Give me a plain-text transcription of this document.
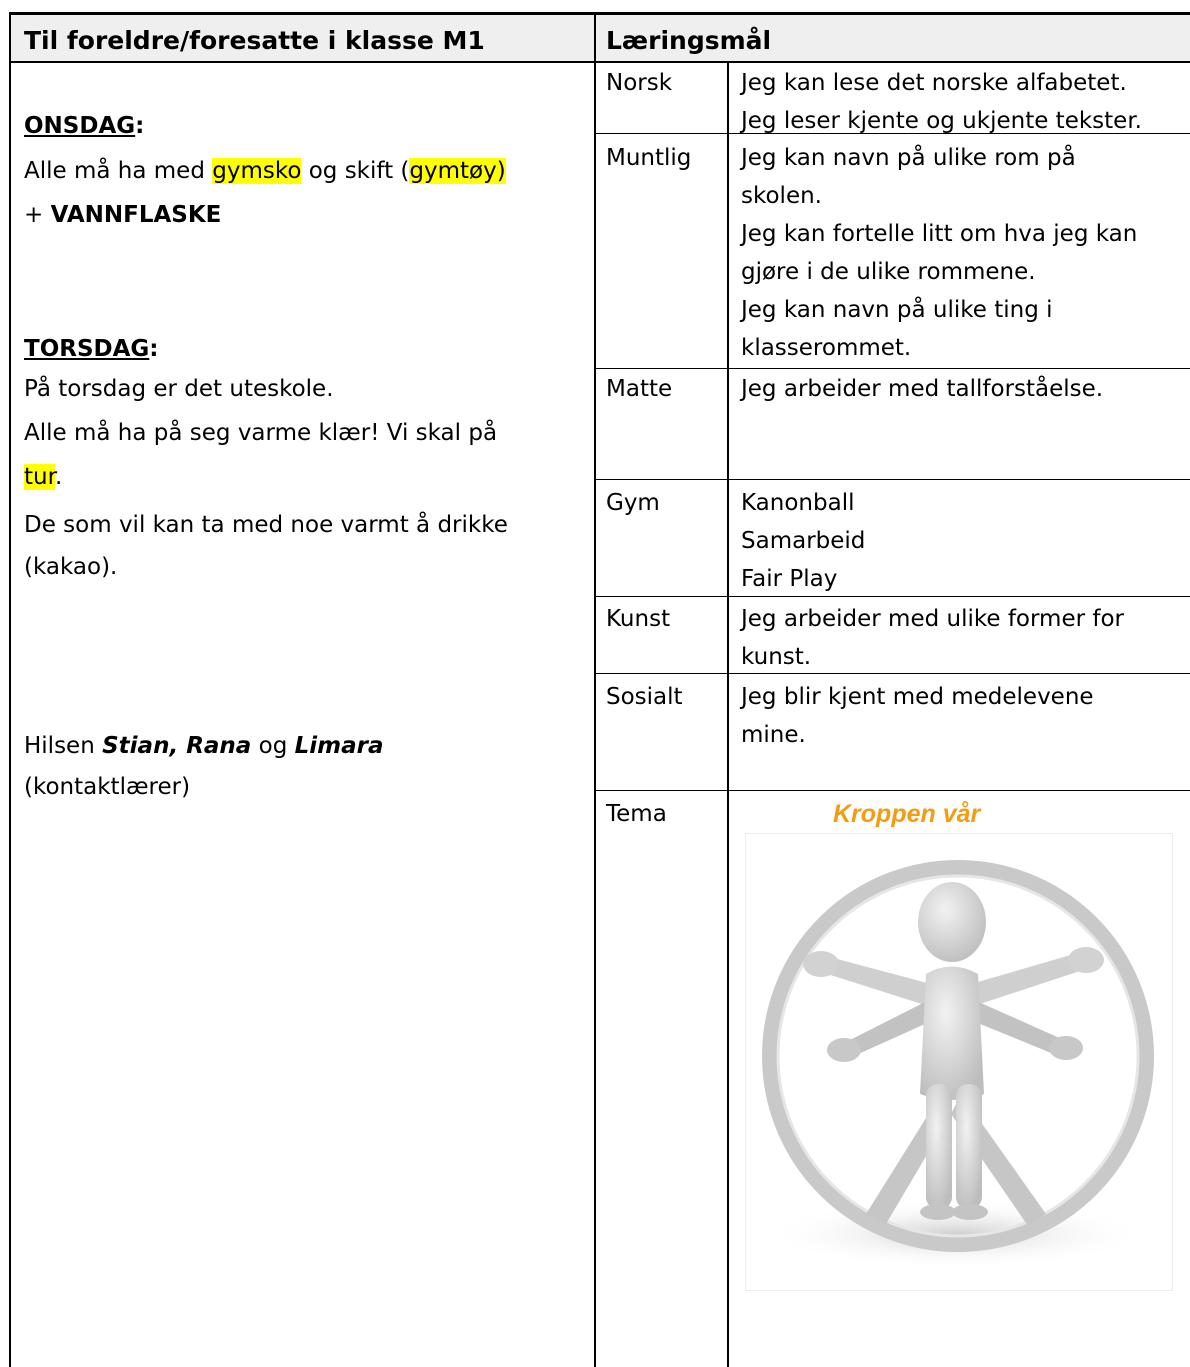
Til foreldre/foresatte i klasse M1	Læringsmål
ONSDAG:
Alle må ha med gymsko og skift (gymtøy)
+ VANNFLASKE
TORSDAG:
På torsdag er det uteskole.
Alle må ha på seg varme klær! Vi skal på
tur.
De som vil kan ta med noe varmt å drikke
(kakao).
Hilsen Stian, Rana og Limara
(kontaktlærer)
Norsk	Jeg kan lese det norske alfabetet.
Jeg leser kjente og ukjente tekster.
Muntlig Jeg kan navn på ulike rom på
skolen.
Jeg kan fortelle litt om hva jeg kan
gjøre i de ulike rommene.
Jeg kan navn på ulike ting i
klasserommet.
Matte	Jeg arbeider med tallforståelse.
Gym	Kanonball
Samarbeid
Fair Play
Kunst	Jeg arbeider med ulike former for
kunst.
Sosialt	Jeg blir kjent med medelevene
mine.
Tema	Kroppen vår
